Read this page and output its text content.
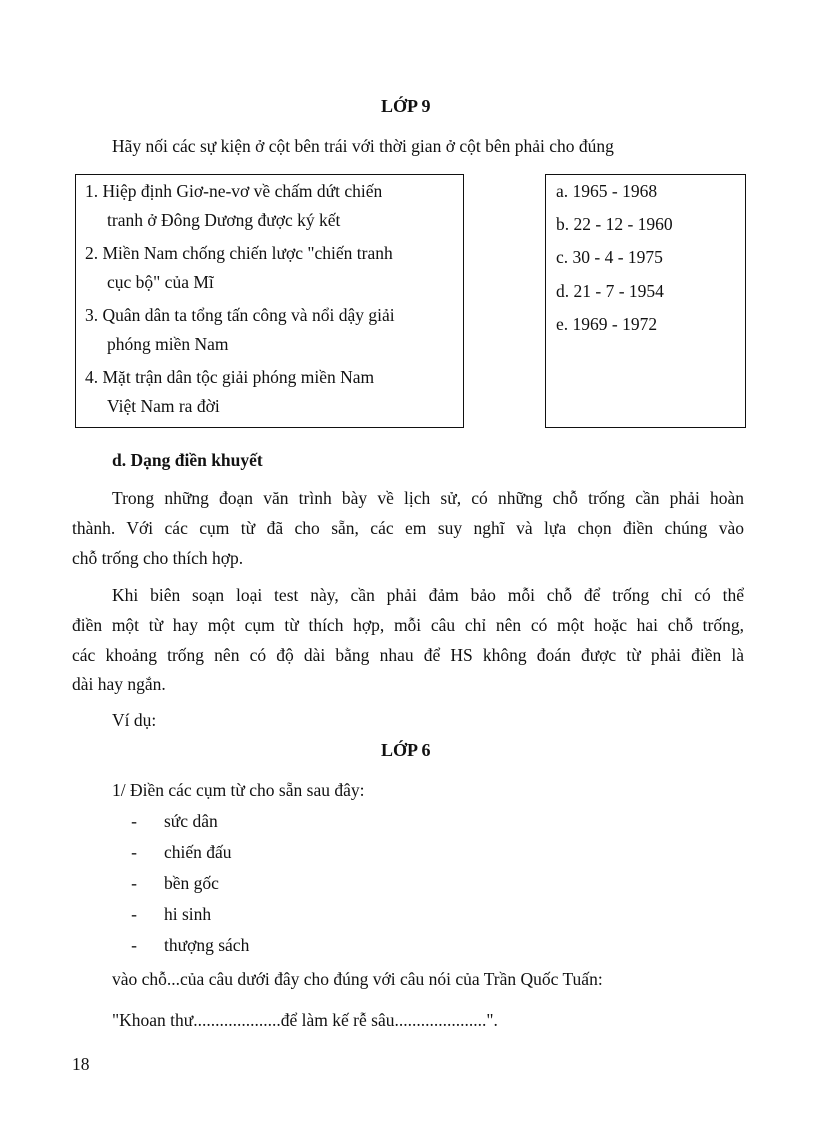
LỚP 9
Hãy nối các sự kiện ở cột bên trái với thời gian ở cột bên phải cho đúng
1. Hiệp định Giơ-ne-vơ về chấm dứt chiến
tranh ở Đông Dương được ký kết
2. Miền Nam chống chiến lược "chiến tranh
cục bộ" của Mĩ
3. Quân dân ta tổng tấn công và nổi dậy giải
phóng miền Nam
4. Mặt trận dân tộc giải phóng miền Nam
Việt Nam ra đời
a. 1965 - 1968
b. 22 - 12 - 1960
c. 30 - 4 - 1975
d. 21 - 7 - 1954
e. 1969 - 1972
d. Dạng điền khuyết
Trong những đoạn văn trình bày về lịch sử, có những chỗ trống cần phải hoàn
thành. Với các cụm từ đã cho sẵn, các em suy nghĩ và lựa chọn điền chúng vào
chỗ trống cho thích hợp.
Khi biên soạn loại test này, cần phải đảm bảo mỗi chỗ để trống chỉ có thể
điền một từ hay một cụm từ thích hợp, mỗi câu chỉ nên có một hoặc hai chỗ trống,
các khoảng trống nên có độ dài bằng nhau để HS không đoán được từ phải điền là
dài hay ngắn.
Ví dụ:
LỚP 6
1/ Điền các cụm từ cho sẵn sau đây:
- sức dân
- chiến đấu
- bền gốc
- hi sinh
- thượng sách
vào chỗ...của câu dưới đây cho đúng với câu nói của Trần Quốc Tuấn:
"Khoan thư....................để làm kế rễ sâu.....................".
18
